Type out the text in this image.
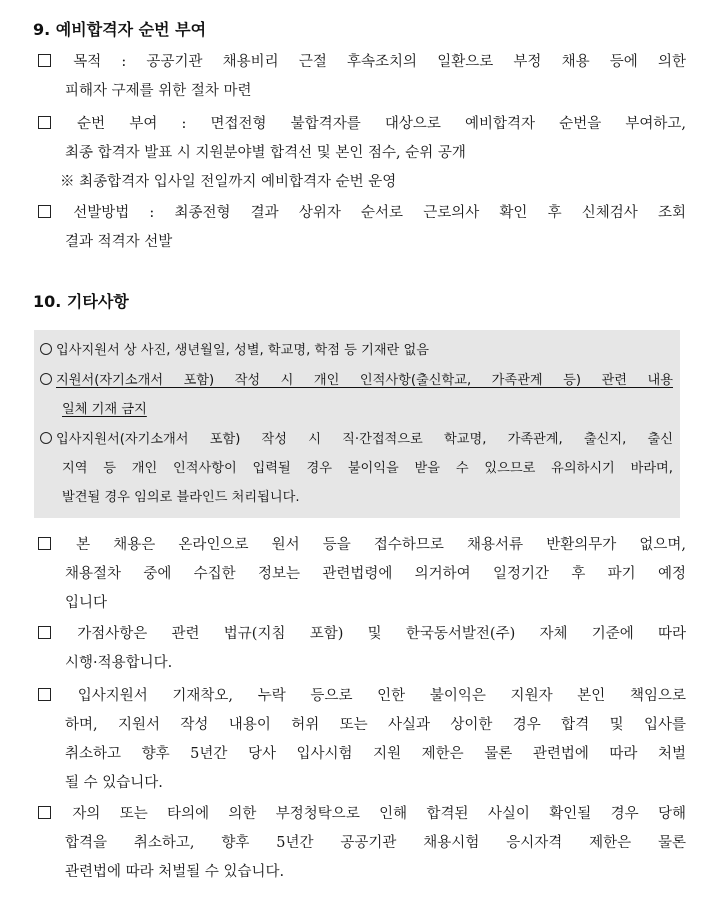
9. 예비합격자 순번 부여
목적 : 공공기관 채용비리 근절 후속조치의 일환으로 부정 채용 등에 의한
피해자 구제를 위한 절차 마련
순번 부여 : 면접전형 불합격자를 대상으로 예비합격자 순번을 부여하고,
최종 합격자 발표 시 지원분야별 합격선 및 본인 점수, 순위 공개
※ 최종합격자 입사일 전일까지 예비합격자 순번 운영
선발방법 : 최종전형 결과 상위자 순서로 근로의사 확인 후 신체검사 조회
결과 적격자 선발
10. 기타사항
입사지원서 상 사진, 생년월일, 성별, 학교명, 학점 등 기재란 없음
지원서(자기소개서 포함) 작성 시 개인 인적사항(출신학교, 가족관계 등) 관련 내용
일체 기재 금지
입사지원서(자기소개서 포함) 작성 시 직·간접적으로 학교명, 가족관계, 출신지, 출신
지역 등 개인 인적사항이 입력될 경우 불이익을 받을 수 있으므로 유의하시기 바라며,
발견될 경우 임의로 블라인드 처리됩니다.
본 채용은 온라인으로 원서 등을 접수하므로 채용서류 반환의무가 없으며,
채용절차 중에 수집한 정보는 관련법령에 의거하여 일정기간 후 파기 예정
입니다
가점사항은 관련 법규(지침 포함) 및 한국동서발전(주) 자체 기준에 따라
시행·적용합니다.
입사지원서 기재착오, 누락 등으로 인한 불이익은 지원자 본인 책임으로
하며, 지원서 작성 내용이 허위 또는 사실과 상이한 경우 합격 및 입사를
취소하고 향후 5년간 당사 입사시험 지원 제한은 물론 관련법에 따라 처벌
될 수 있습니다.
자의 또는 타의에 의한 부정청탁으로 인해 합격된 사실이 확인될 경우 당해
합격을 취소하고, 향후 5년간 공공기관 채용시험 응시자격 제한은 물론
관련법에 따라 처벌될 수 있습니다.
